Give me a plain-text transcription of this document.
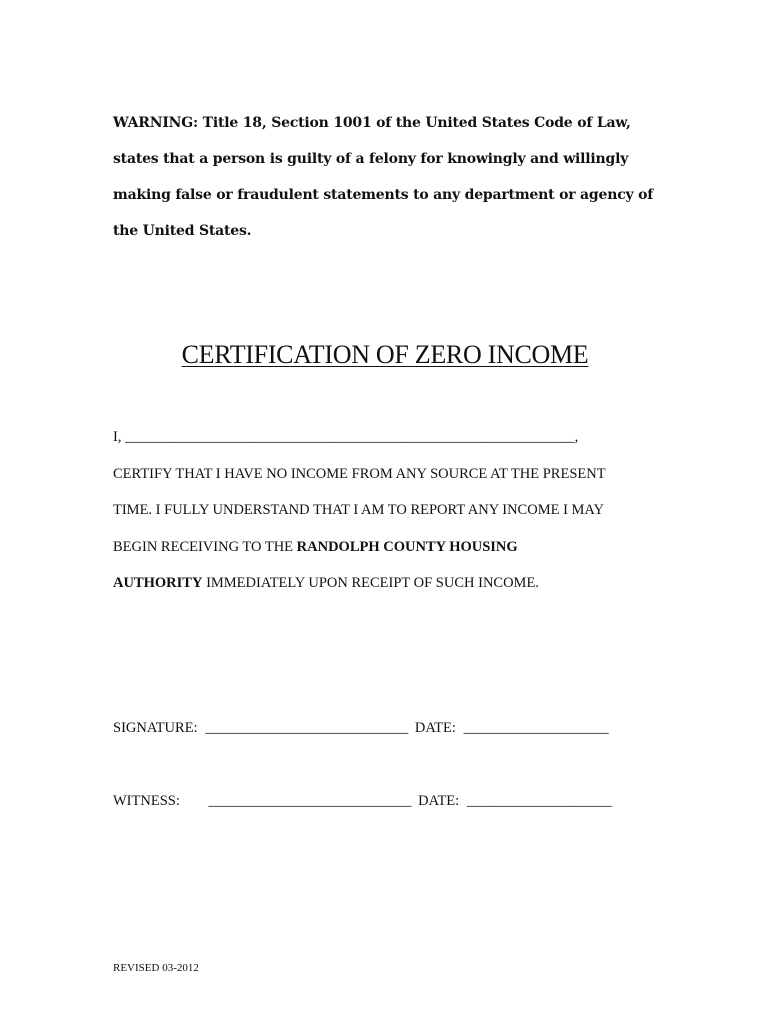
WARNING: Title 18, Section 1001 of the United States Code of Law,
states that a person is guilty of a felony for knowingly and willingly
making false or fraudulent statements to any department or agency of
the United States.
CERTIFICATION OF ZERO INCOME
I, ______________________________________________________________,
CERTIFY THAT I HAVE NO INCOME FROM ANY SOURCE AT THE PRESENT
TIME. I FULLY UNDERSTAND THAT I AM TO REPORT ANY INCOME I MAY
BEGIN RECEIVING TO THE RANDOLPH COUNTY HOUSING
AUTHORITY IMMEDIATELY UPON RECEIPT OF SUCH INCOME.
SIGNATURE: ____________________________ DATE: ____________________
WITNESS: ____________________________ DATE: ____________________
REVISED 03-2012
